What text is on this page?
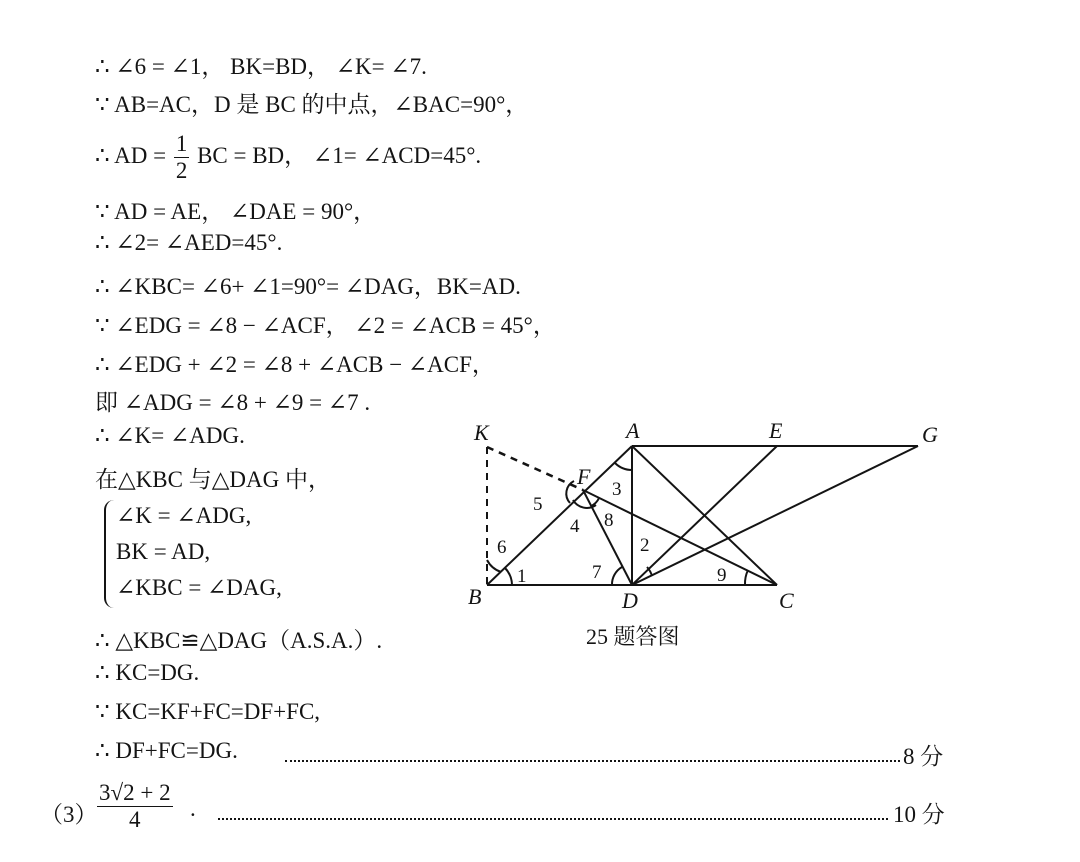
∴ ∠6 = ∠1， BK=BD， ∠K= ∠7.
∵ AB=AC，D 是 BC 的中点，∠BAC=90°，
∴ AD = $\frac{1}{2}$ BC = BD， ∠1= ∠ACD=45°.
∵ AD = AE， ∠DAE = 90°，
∴ ∠2= ∠AED=45°.
∴ ∠KBC= ∠6+ ∠1=90°= ∠DAG，BK=AD.
∵ ∠EDG = ∠8 − ∠ACF， ∠2 = ∠ACB = 45°，
∴ ∠EDG + ∠2 = ∠8 + ∠ACB − ∠ACF，
即 ∠ADG = ∠8 + ∠9 = ∠7 .
∴ ∠K= ∠ADG.
在△KBC 与△DAG 中，
∠K = ∠ADG,
BK = AD,
∠KBC = ∠DAG,
∴ △KBC≌△DAG（A.S.A.）.
∴ KC=DG.
∵ KC=KF+FC=DF+FC,
∴ DF+FC=DG.	8 分
$(3) \frac{3√2 + 2}{4}$ .	10 分
K	A	E	G
F
B	D	C
1
2
3
4
5
6
7
8
9
25 题答图
